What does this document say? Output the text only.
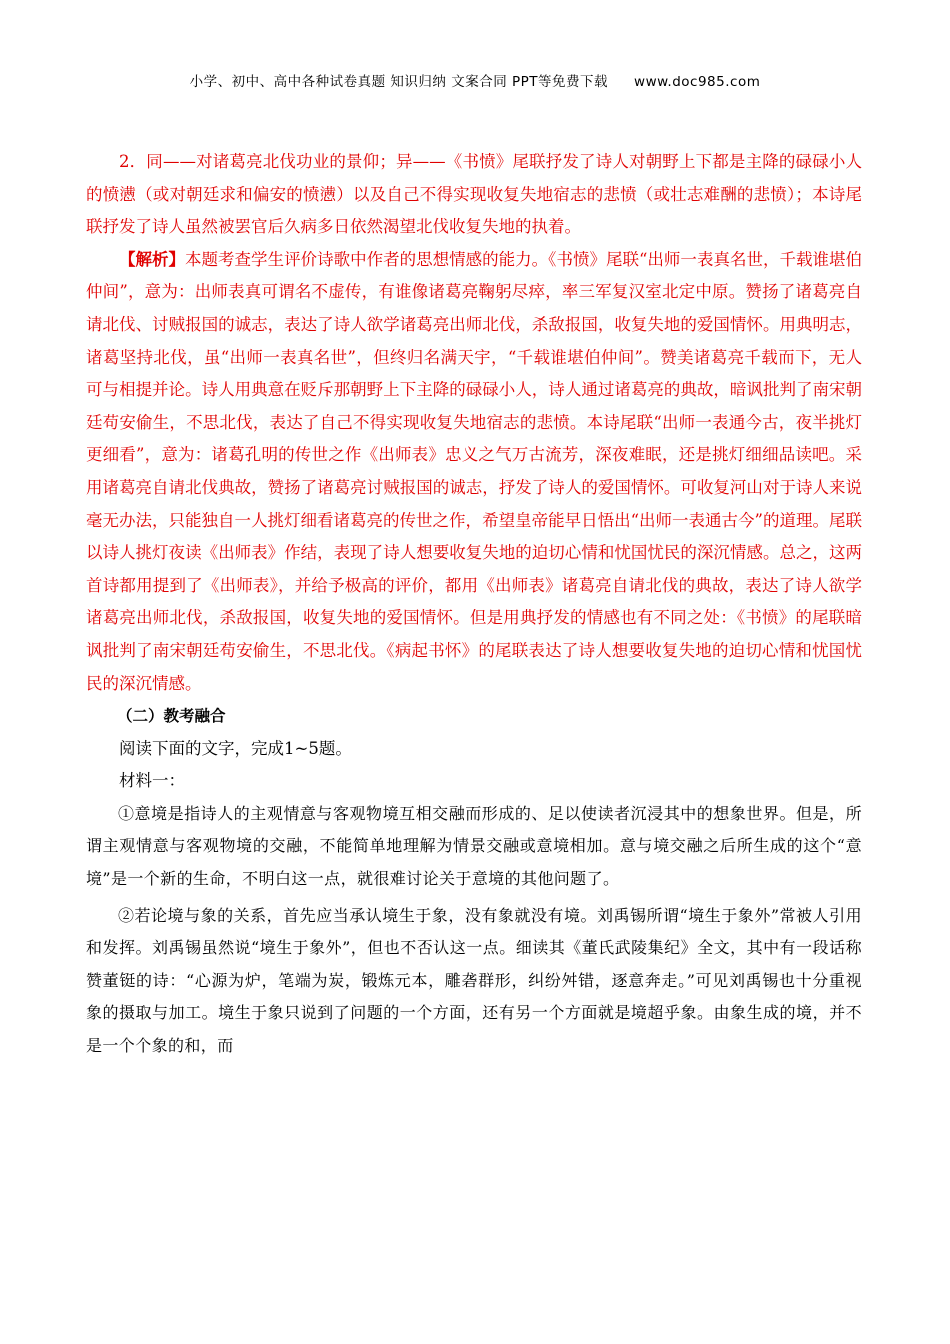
小学、初中、高中各种试卷真题 知识归纳 文案合同 PPT等免费下载 www.doc985.com

2．同——对诸葛亮北伐功业的景仰；异——《书愤》尾联抒发了诗人对朝野上下都是主降的碌碌小人的愤懑（或对朝廷求和偏安的愤懑）以及自己不得实现收复失地宿志的悲愤（或壮志难酬的悲愤）；本诗尾联抒发了诗人虽然被罢官后久病多日依然渴望北伐收复失地的执着。

【解析】本题考查学生评价诗歌中作者的思想情感的能力。《书愤》尾联“出师一表真名世，千载谁堪伯仲间”，意为：出师表真可谓名不虚传，有谁像诸葛亮鞠躬尽瘁，率三军复汉室北定中原。赞扬了诸葛亮自请北伐、讨贼报国的诚志，表达了诗人欲学诸葛亮出师北伐，杀敌报国，收复失地的爱国情怀。用典明志，诸葛坚持北伐，虽“出师一表真名世”，但终归名满天宇，“千载谁堪伯仲间”。赞美诸葛亮千载而下，无人可与相提并论。诗人用典意在贬斥那朝野上下主降的碌碌小人，诗人通过诸葛亮的典故，暗讽批判了南宋朝廷苟安偷生，不思北伐，表达了自己不得实现收复失地宿志的悲愤。本诗尾联“出师一表通今古，夜半挑灯更细看”，意为：诸葛孔明的传世之作《出师表》忠义之气万古流芳，深夜难眠，还是挑灯细细品读吧。采用诸葛亮自请北伐典故，赞扬了诸葛亮讨贼报国的诚志，抒发了诗人的爱国情怀。可收复河山对于诗人来说毫无办法，只能独自一人挑灯细看诸葛亮的传世之作，希望皇帝能早日悟出“出师一表通古今”的道理。尾联以诗人挑灯夜读《出师表》作结，表现了诗人想要收复失地的迫切心情和忧国忧民的深沉情感。总之，这两首诗都用提到了《出师表》，并给予极高的评价，都用《出师表》诸葛亮自请北伐的典故，表达了诗人欲学诸葛亮出师北伐，杀敌报国，收复失地的爱国情怀。但是用典抒发的情感也有不同之处：《书愤》的尾联暗讽批判了南宋朝廷苟安偷生，不思北伐。《病起书怀》的尾联表达了诗人想要收复失地的迫切心情和忧国忧民的深沉情感。

（二）教考融合

阅读下面的文字，完成1~5题。

材料一：

①意境是指诗人的主观情意与客观物境互相交融而形成的、足以使读者沉浸其中的想象世界。但是，所谓主观情意与客观物境的交融，不能简单地理解为情景交融或意境相加。意与境交融之后所生成的这个“意境”是一个新的生命，不明白这一点，就很难讨论关于意境的其他问题了。

②若论境与象的关系，首先应当承认境生于象，没有象就没有境。刘禹锡所谓“境生于象外”常被人引用和发挥。刘禹锡虽然说“境生于象外”，但也不否认这一点。细读其《董氏武陵集纪》全文，其中有一段话称赞董铤的诗：“心源为炉，笔端为炭，锻炼元本，雕砻群形，纠纷舛错，逐意奔走。”可见刘禹锡也十分重视象的摄取与加工。境生于象只说到了问题的一个方面，还有另一个方面就是境超乎象。由象生成的境，并不是一个个象的和，而
